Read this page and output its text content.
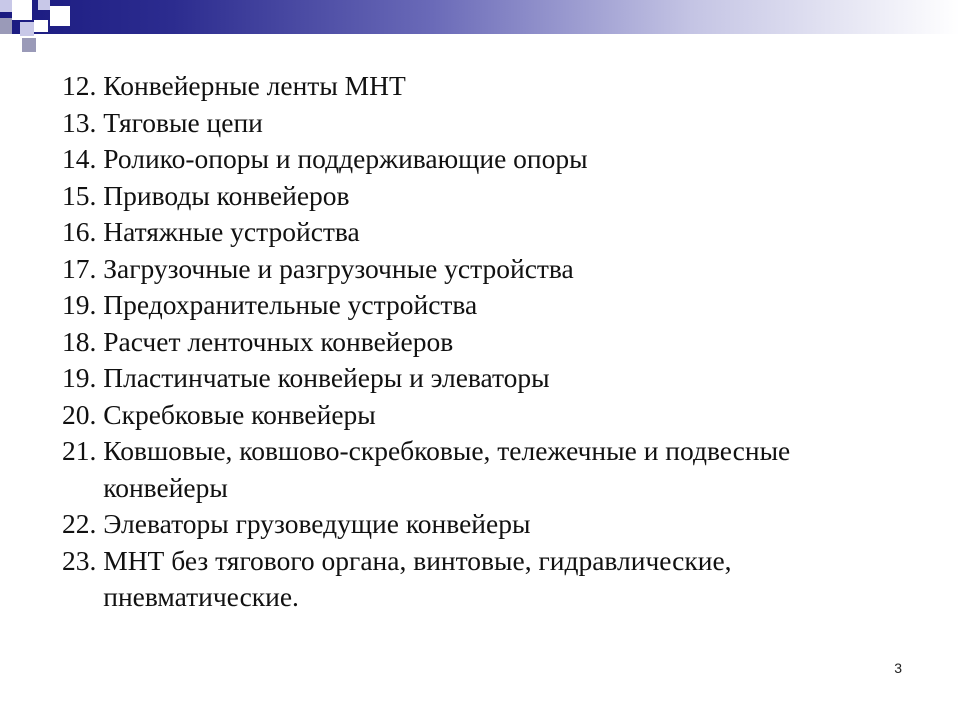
12.
Конвейерные ленты МНТ
13.
Тяговые цепи
14.
Ролико-опоры и поддерживающие опоры
15.
Приводы конвейеров
16.
Натяжные устройства
17.
Загрузочные и разгрузочные устройства
19.
Предохранительные устройства
18.
Расчет ленточных конвейеров
19.
Пластинчатые конвейеры и элеваторы
20.
Скребковые конвейеры
21.
Ковшовые, ковшово-скребковые, тележечные и подвесные конвейеры
22.
Элеваторы грузоведущие конвейеры
23.
МНТ без тягового органа, винтовые, гидравлические, пневматические.
3
